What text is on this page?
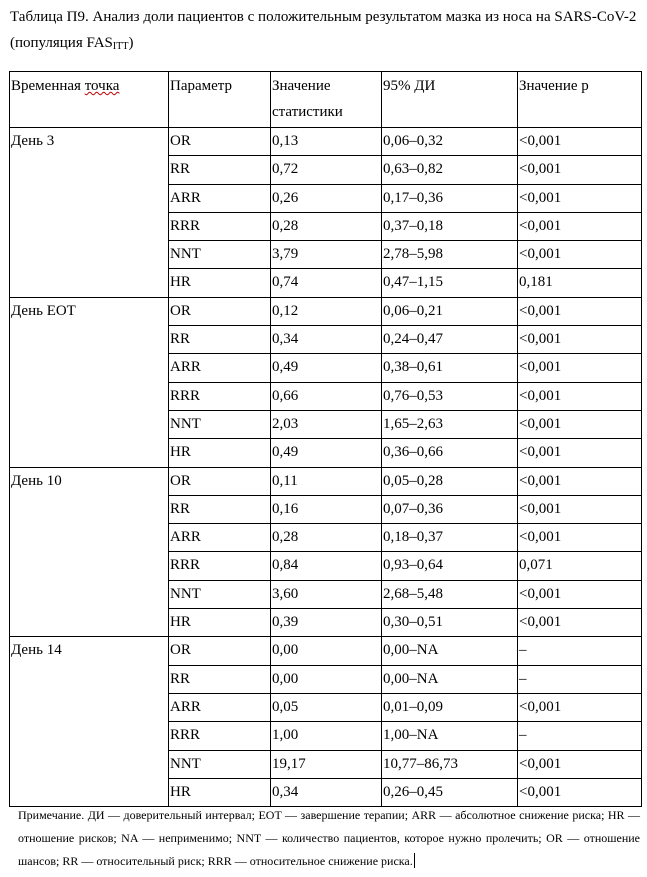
Таблица П9. Анализ доли пациентов с положительным результатом мазка из носа на SARS-CoV-2 (популяция $FAS_{ITT}$)
Временная точка	Параметр	Значение статистики	95% ДИ	Значение р
День 3	OR	0,13	0,06–0,32	<0,001
	RR	0,72	0,63–0,82	<0,001
	ARR	0,26	0,17–0,36	<0,001
	RRR	0,28	0,37–0,18	<0,001
	NNT	3,79	2,78–5,98	<0,001
	HR	0,74	0,47–1,15	0,181
День EOT	OR	0,12	0,06–0,21	<0,001
	RR	0,34	0,24–0,47	<0,001
	ARR	0,49	0,38–0,61	<0,001
	RRR	0,66	0,76–0,53	<0,001
	NNT	2,03	1,65–2,63	<0,001
	HR	0,49	0,36–0,66	<0,001
День 10	OR	0,11	0,05–0,28	<0,001
	RR	0,16	0,07–0,36	<0,001
	ARR	0,28	0,18–0,37	<0,001
	RRR	0,84	0,93–0,64	0,071
	NNT	3,60	2,68–5,48	<0,001
	HR	0,39	0,30–0,51	<0,001
День 14	OR	0,00	0,00–NA	–
	RR	0,00	0,00–NA	–
	ARR	0,05	0,01–0,09	<0,001
	RRR	1,00	1,00–NA	–
	NNT	19,17	10,77–86,73	<0,001
	HR	0,34	0,26–0,45	<0,001
Примечание. ДИ — доверительный интервал; EOT — завершение терапии; ARR — абсолютное снижение риска; HR — отношение рисков; NA — неприменимо; NNT — количество пациентов, которое нужно пролечить; OR — отношение шансов; RR — относительный риск; RRR — относительное снижение риска.
